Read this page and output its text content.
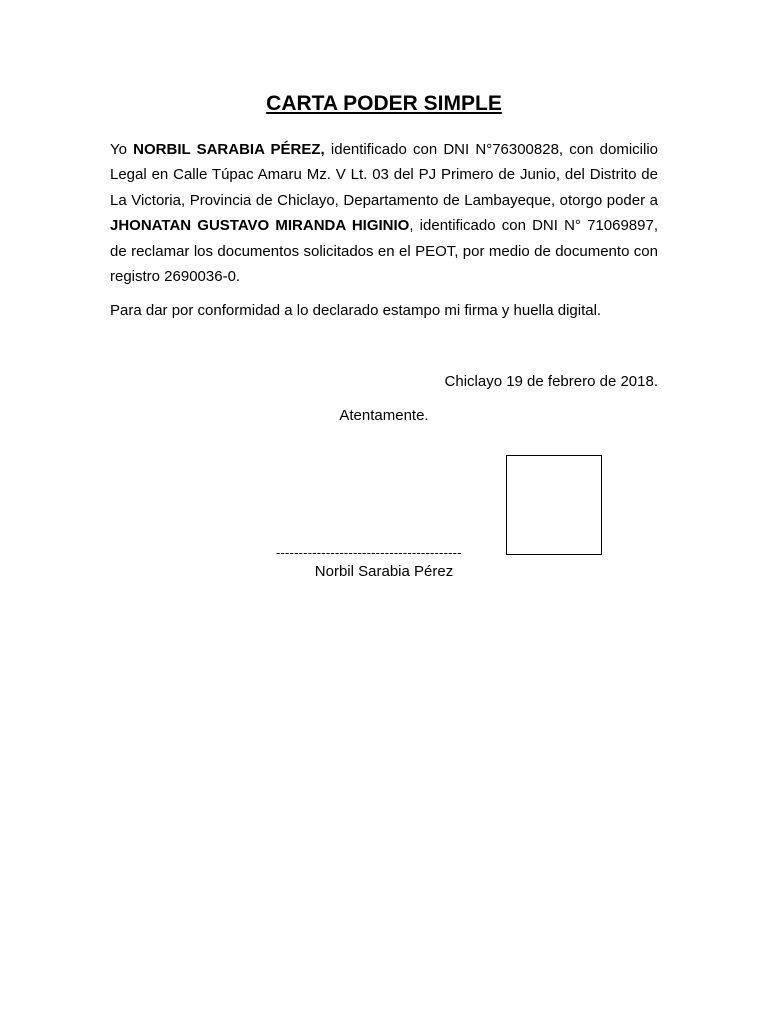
CARTA PODER SIMPLE

Yo NORBIL SARABIA PÉREZ, identificado con DNI N°76300828, con domicilio Legal en Calle Túpac Amaru Mz. V Lt. 03 del PJ Primero de Junio, del Distrito de La Victoria, Provincia de Chiclayo, Departamento de Lambayeque, otorgo poder a JHONATAN GUSTAVO MIRANDA HIGINIO, identificado con DNI N° 71069897, de reclamar los documentos solicitados en el PEOT, por medio de documento con registro 2690036-0.

Para dar por conformidad a lo declarado estampo mi firma y huella digital.

Chiclayo 19 de febrero de 2018.

Atentamente.

-----------------------------------------

Norbil Sarabia Pérez
